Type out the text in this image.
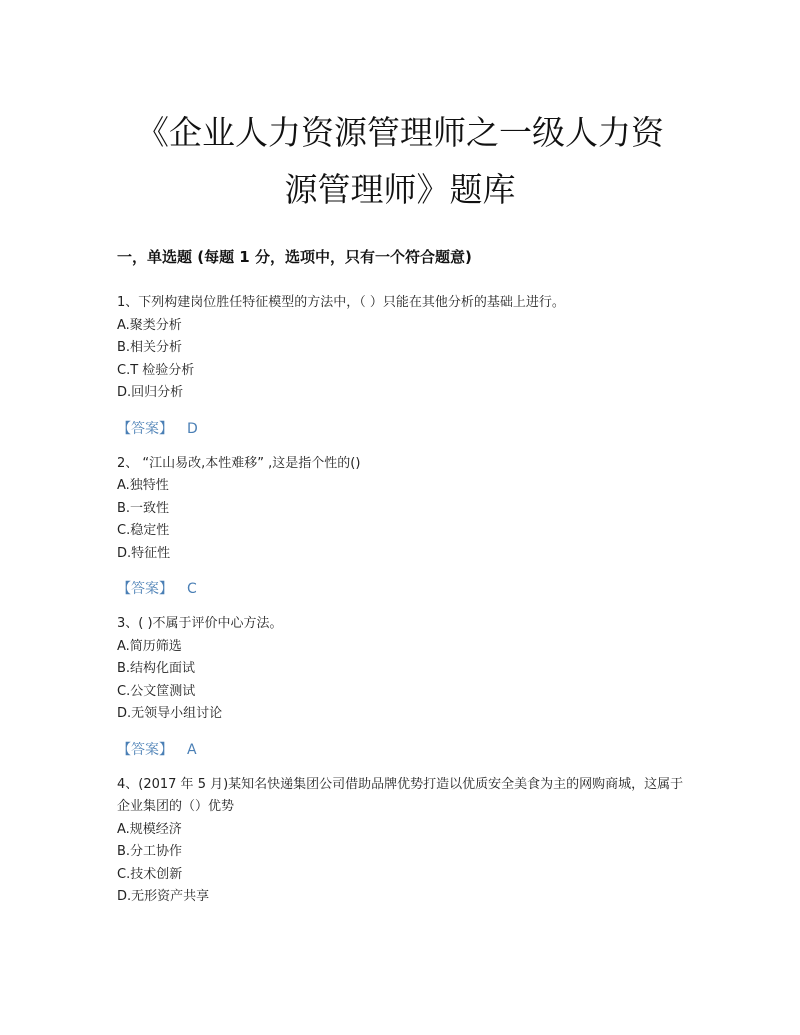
《企业人力资源管理师之一级人力资
源管理师》题库
一，单选题 (每题 1 分，选项中，只有一个符合题意)
1、下列构建岗位胜任特征模型的方法中，（ ）只能在其他分析的基础上进行。
A.聚类分析
B.相关分析
C.T 检验分析
D.回归分析
【答案】 D
2、 “江山易改,本性难移” ,这是指个性的()
A.独特性
B.一致性
C.稳定性
D.特征性
【答案】 C
3、( )不属于评价中心方法。
A.简历筛选
B.结构化面试
C.公文筐测试
D.无领导小组讨论
【答案】 A
4、(2017 年 5 月)某知名快递集团公司借助品牌优势打造以优质安全美食为主的网购商城，这属于企业集团的（）优势
A.规模经济
B.分工协作
C.技术创新
D.无形资产共享
